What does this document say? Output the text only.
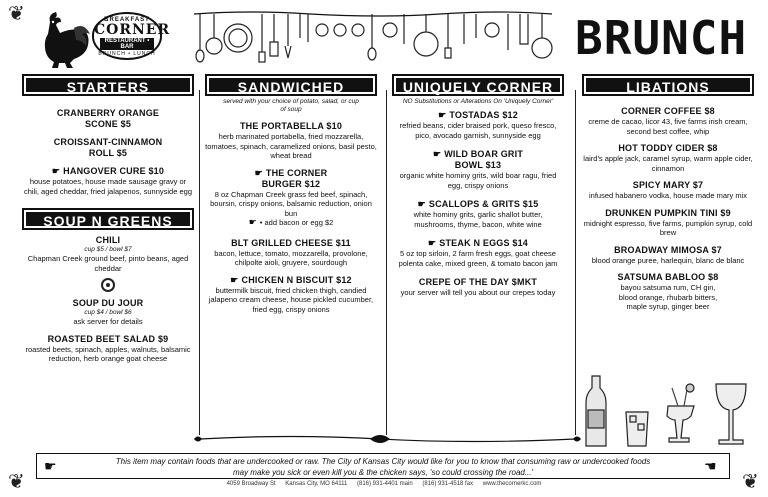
❦
❦	❦
BREAKFAST
CORNER
RESTAURANT • BAR
BRUNCH • LUNCH	BRUNCH
STARTERS
CRANBERRY ORANGE SCONE $5
CROISSANT-CINNAMON ROLL $5
☛ HANGOVER CURE $10
house potatoes, house made sausage gravy or chili, aged cheddar, fried jalapenos, sunnyside egg
SOUP N GREENS
CHILI
cup $5 / bowl $7
Chapman Creek ground beef, pinto beans, aged cheddar
SOUP DU JOUR
cup $4 / bowl $6
ask server for details
ROASTED BEET SALAD $9
roasted beets, spinach, apples, walnuts, balsamic reduction, herb orange goat cheese
SANDWICHED
served with your choice of potato, salad, or cup of soup
THE PORTABELLA $10
herb marinated portabella, fried mozzarella, tomatoes, spinach, caramelized onions, basil pesto, wheat bread
☛ THE CORNER BURGER $12
8 oz Chapman Creek grass fed beef, spinach, boursin, crispy onions, balsamic reduction, onion bun
☛ • add bacon or egg $2
BLT GRILLED CHEESE $11
bacon, lettuce, tomato, mozzarella, provolone, chilpolte aioli, gruyere, sourdough
☛ CHICKEN N BISCUIT $12
buttermilk biscuit, fried chicken thigh, candied jalapeno cream cheese, house pickled cucumber, fried egg, crispy onions
UNIQUELY CORNER
NO Substitutions or Alterations On 'Uniquely Corner'
☛ TOSTADAS $12
refried beans, cider braised pork, queso fresco, pico, avocado garnish, sunnyside egg
☛ WILD BOAR GRIT BOWL $13
organic white hominy grits, wild boar ragu, fried egg, crispy onions
☛ SCALLOPS & GRITS $15
white hominy grits, garlic shallot butter, mushrooms, thyme, bacon, white wine
☛ STEAK N EGGS $14
5 oz top sirloin, 2 farm fresh eggs, goat cheese polenta cake, mixed green, & tomato bacon jam
CREPE OF THE DAY $MKT
your server will tell you about our crepes today
LIBATIONS
CORNER COFFEE $8
creme de cacao, licor 43, five farms irish cream, second best coffee, whip
HOT TODDY CIDER $8
laird's apple jack, caramel syrup, warm apple cider, cinnamon
SPICY MARY $7
infused habanero vodka, house made mary mix
DRUNKEN PUMPKIN TINI $9
midnight espresso, five farms, pumpkin syrup, cold brew
BROADWAY MIMOSA $7
blood orange puree, harlequin, blanc de blanc
SATSUMA BABLOO $8
bayou satsuma rum, CH gin, blood orange, rhubarb bitters, maple syrup, ginger beer
This item may contain foods that are undercooked or raw. The City of Kansas City would like for you to know that consuming raw or undercooked foods
may make you sick or even kill you & the chicken says, 'so could crossing the road...'
☛	☚
4059 Broadway St Kansas City, MO 64111 (816) 931-4401 main (816) 931-4518 fax www.thecornerkc.com
